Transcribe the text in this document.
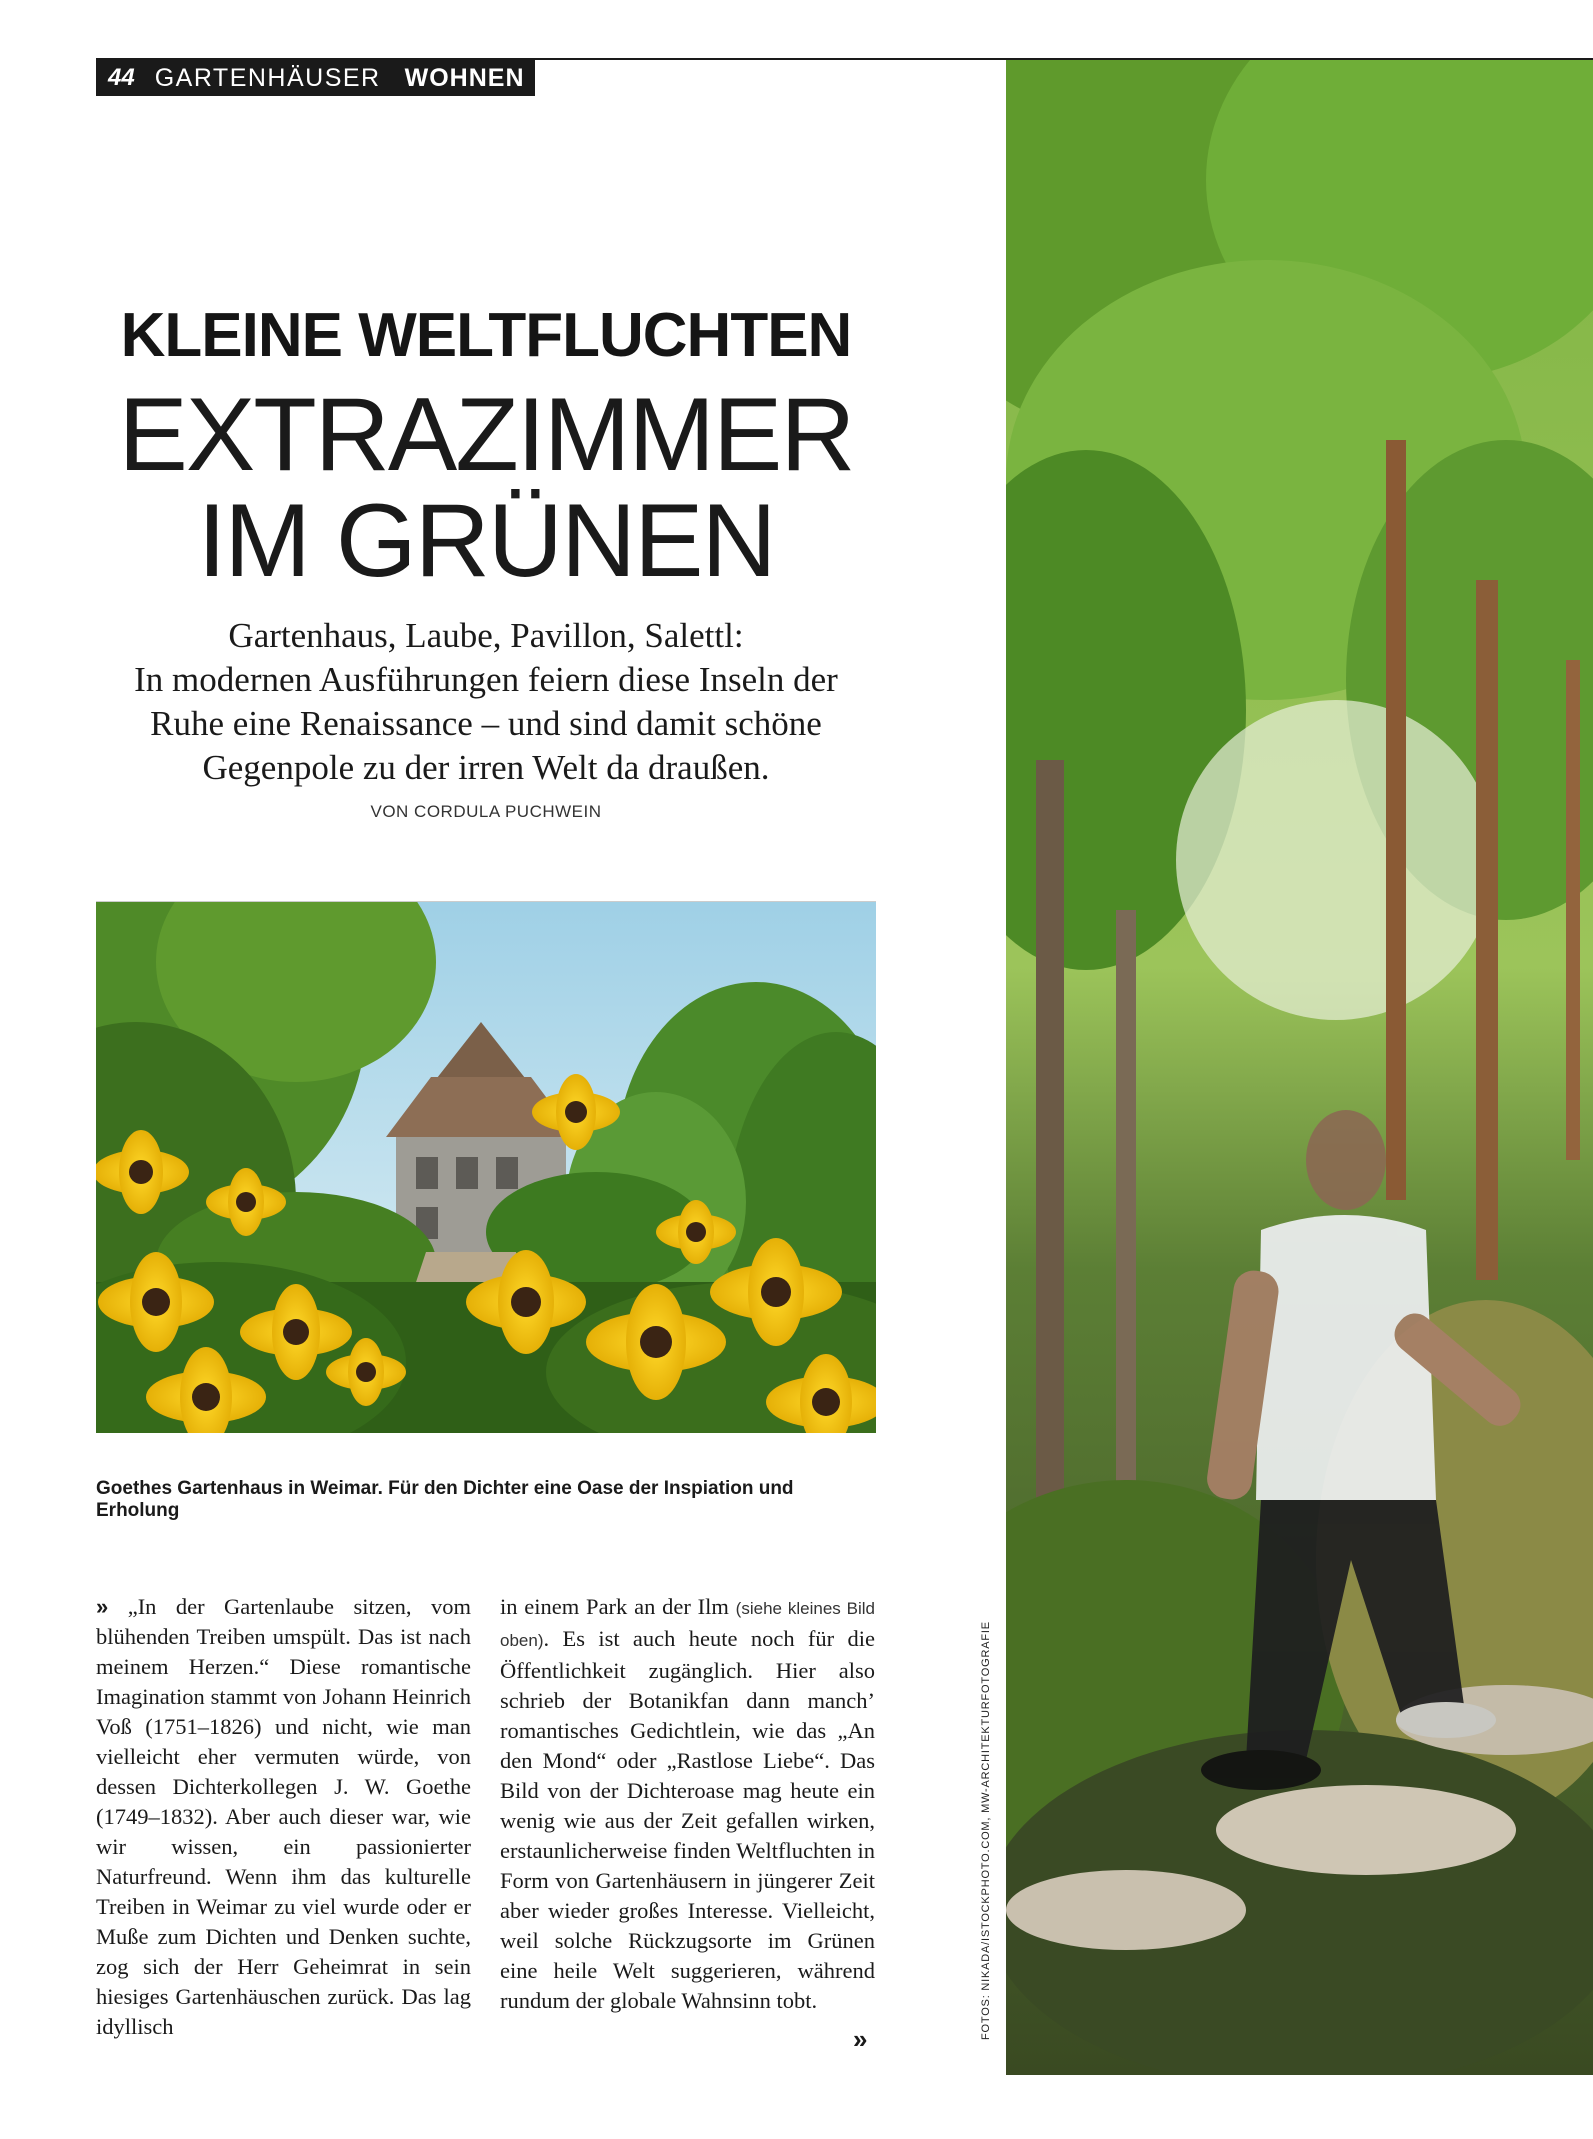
44 GARTENHÄUSER WOHNEN
KLEINE WELTFLUCHTEN
EXTRAZIMMER
IM GRÜNEN
Gartenhaus, Laube, Pavillon, Salettl:
In modernen Ausführungen feiern diese Inseln der
Ruhe eine Renaissance – und sind damit schöne
Gegenpole zu der irren Welt da draußen.
VON CORDULA PUCHWEIN
Goethes Gartenhaus in Weimar. Für den Dichter eine Oase der Inspiation und Erholung
» „In der Gartenlaube sitzen, vom blühenden Treiben umspült. Das ist nach meinem Herzen.“ Diese romantische Imagination stammt von Johann Heinrich Voß (1751–1826) und nicht, wie man vielleicht eher vermuten würde, von dessen Dichterkollegen J. W. Goethe (1749–1832). Aber auch dieser war, wie wir wissen, ein passionierter Naturfreund. Wenn ihm das kulturelle Treiben in Weimar zu viel wurde oder er Muße zum Dichten und Denken suchte, zog sich der Herr Geheimrat in sein hiesiges Gartenhäuschen zurück. Das lag idyllisch
in einem Park an der Ilm (siehe kleines Bild oben). Es ist auch heute noch für die Öffentlichkeit zugänglich. Hier also schrieb der Botanikfan dann manch’ romantisches Gedichtlein, wie das „An den Mond“ oder „Rastlose Liebe“. Das Bild von der Dichteroase mag heute ein wenig wie aus der Zeit gefallen wirken, erstaunlicherweise finden Weltfluchten in Form von Gartenhäusern in jüngerer Zeit aber wieder großes Interesse. Vielleicht, weil solche Rückzugsorte im Grünen eine heile Welt suggerieren, während rundum der globale Wahnsinn tobt.
»	FOTOS: NIKADA/ISTOCKPHOTO.COM, MW-ARCHITEKTURFOTOGRAFIE
